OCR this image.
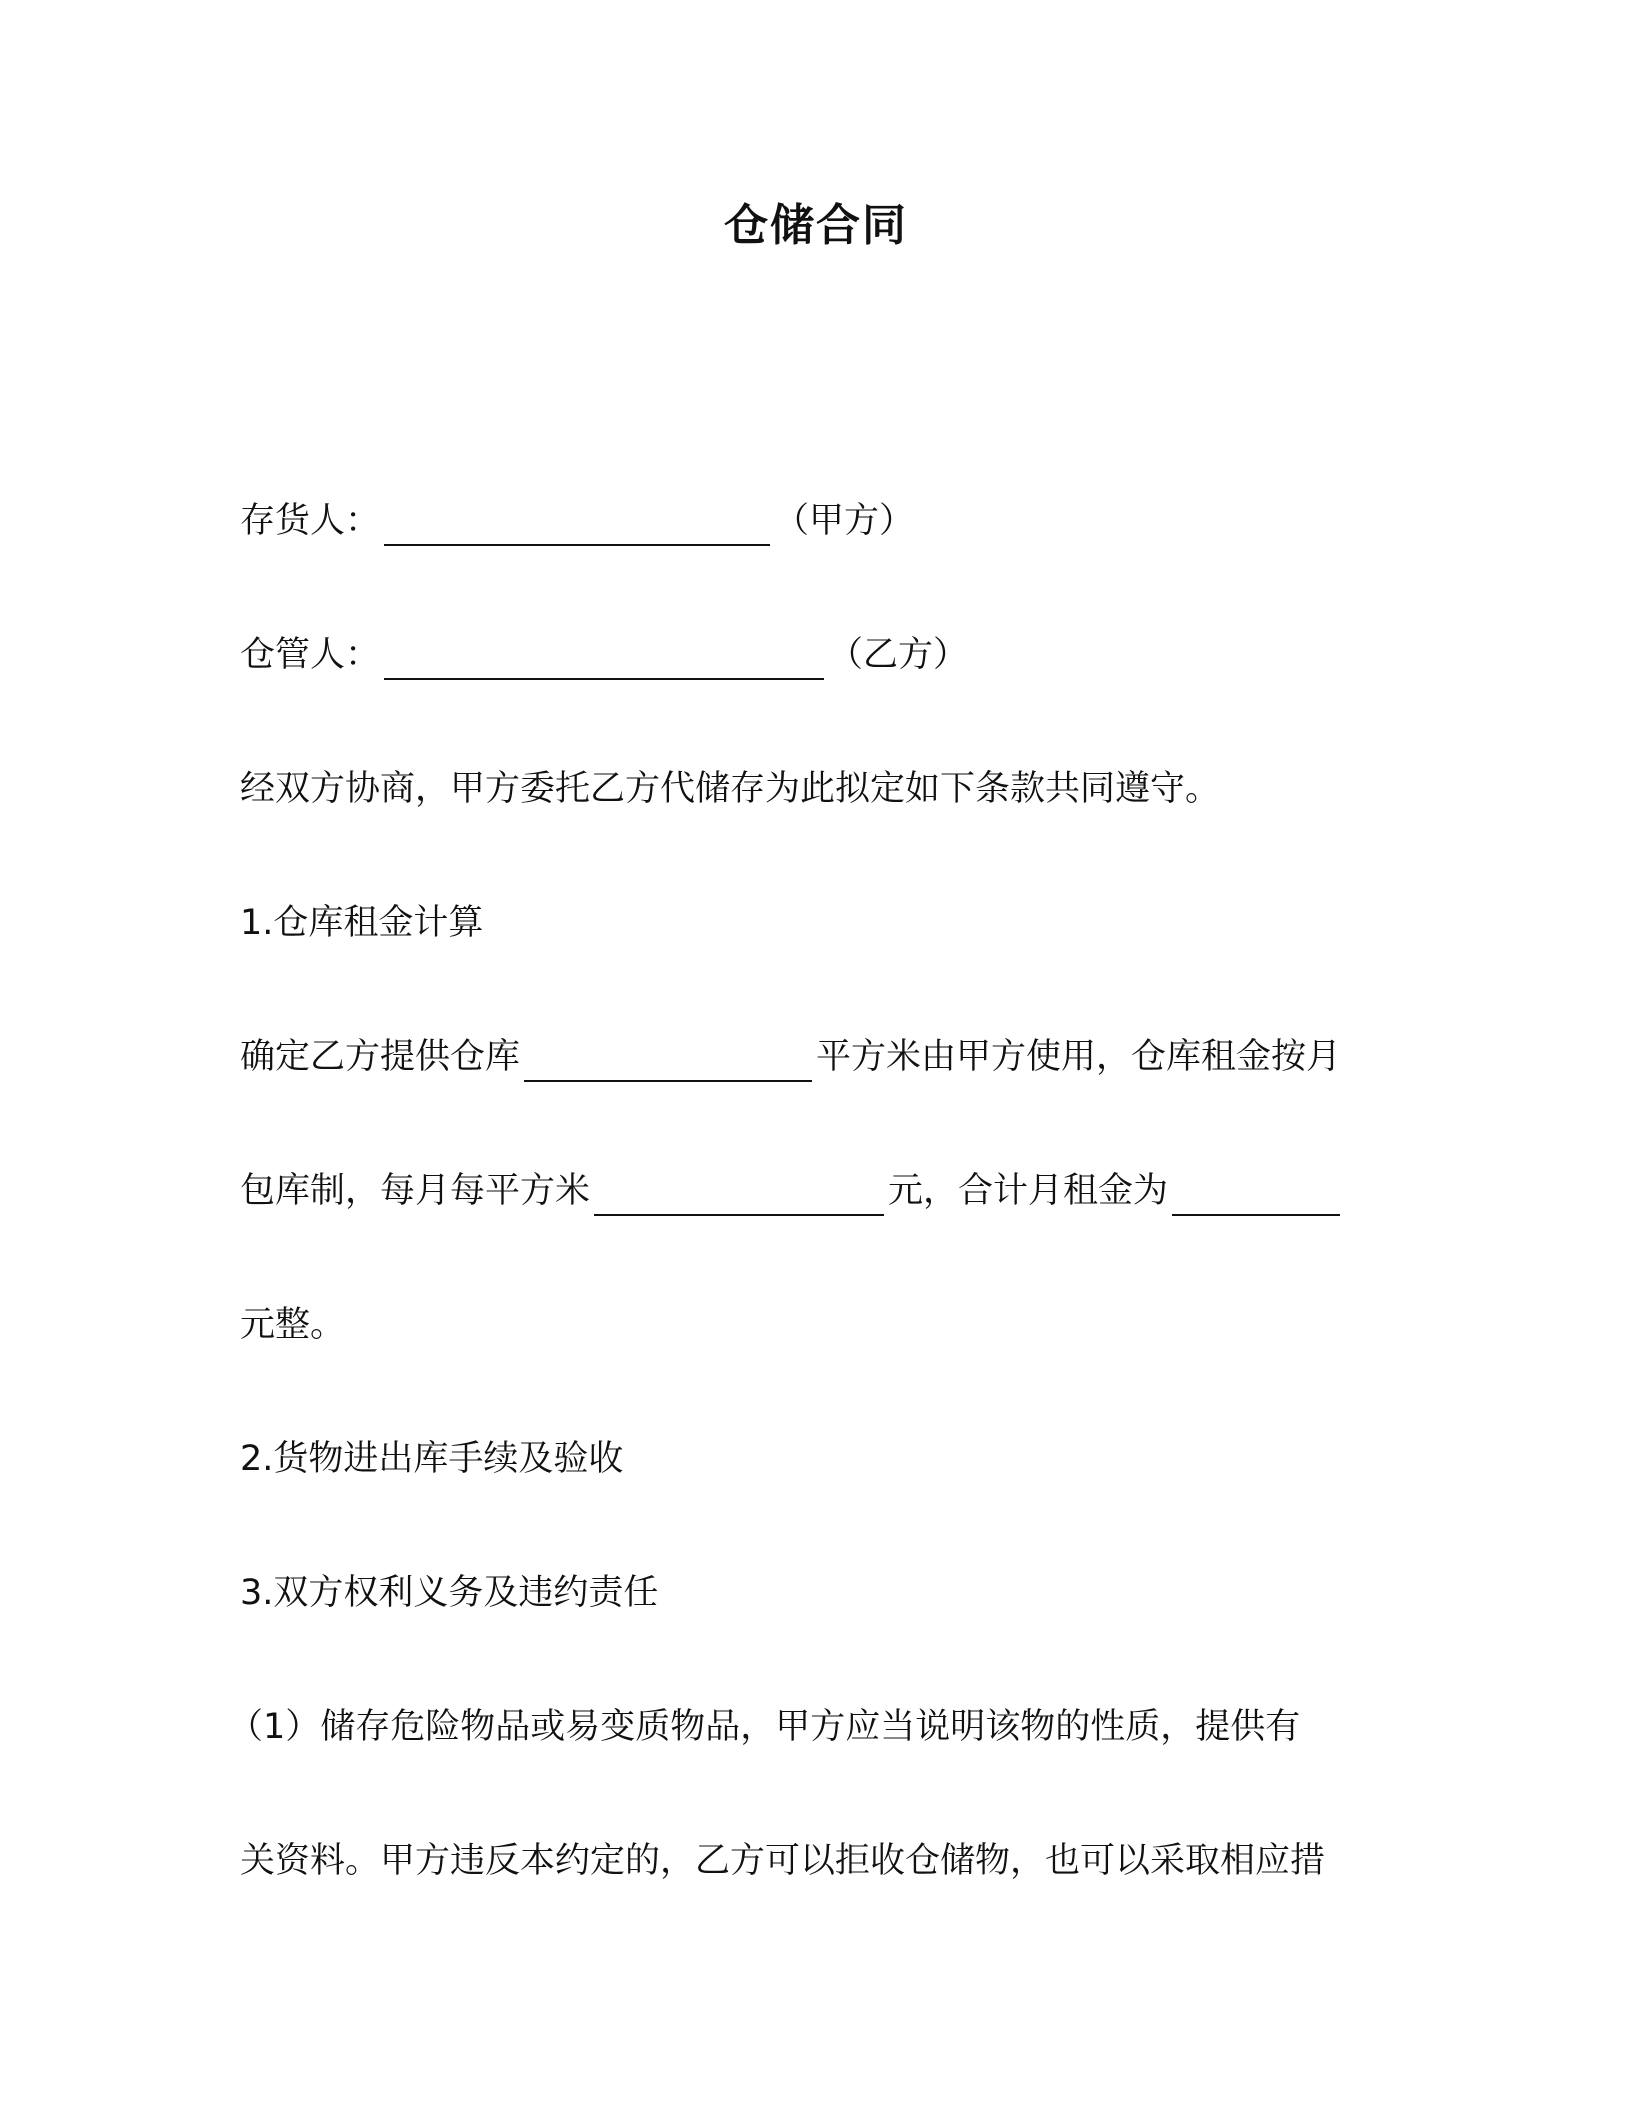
仓储合同
存货人：	（甲方）
仓管人：	（乙方）
经双方协商，甲方委托乙方代储存为此拟定如下条款共同遵守。
1.仓库租金计算
确定乙方提供仓库	平方米由甲方使用，仓库租金按月
包库制，每月每平方米	元，合计月租金为
元整。
2.货物进出库手续及验收
3.双方权利义务及违约责任
（1）储存危险物品或易变质物品，甲方应当说明该物的性质，提供有
关资料。甲方违反本约定的，乙方可以拒收仓储物，也可以采取相应措
